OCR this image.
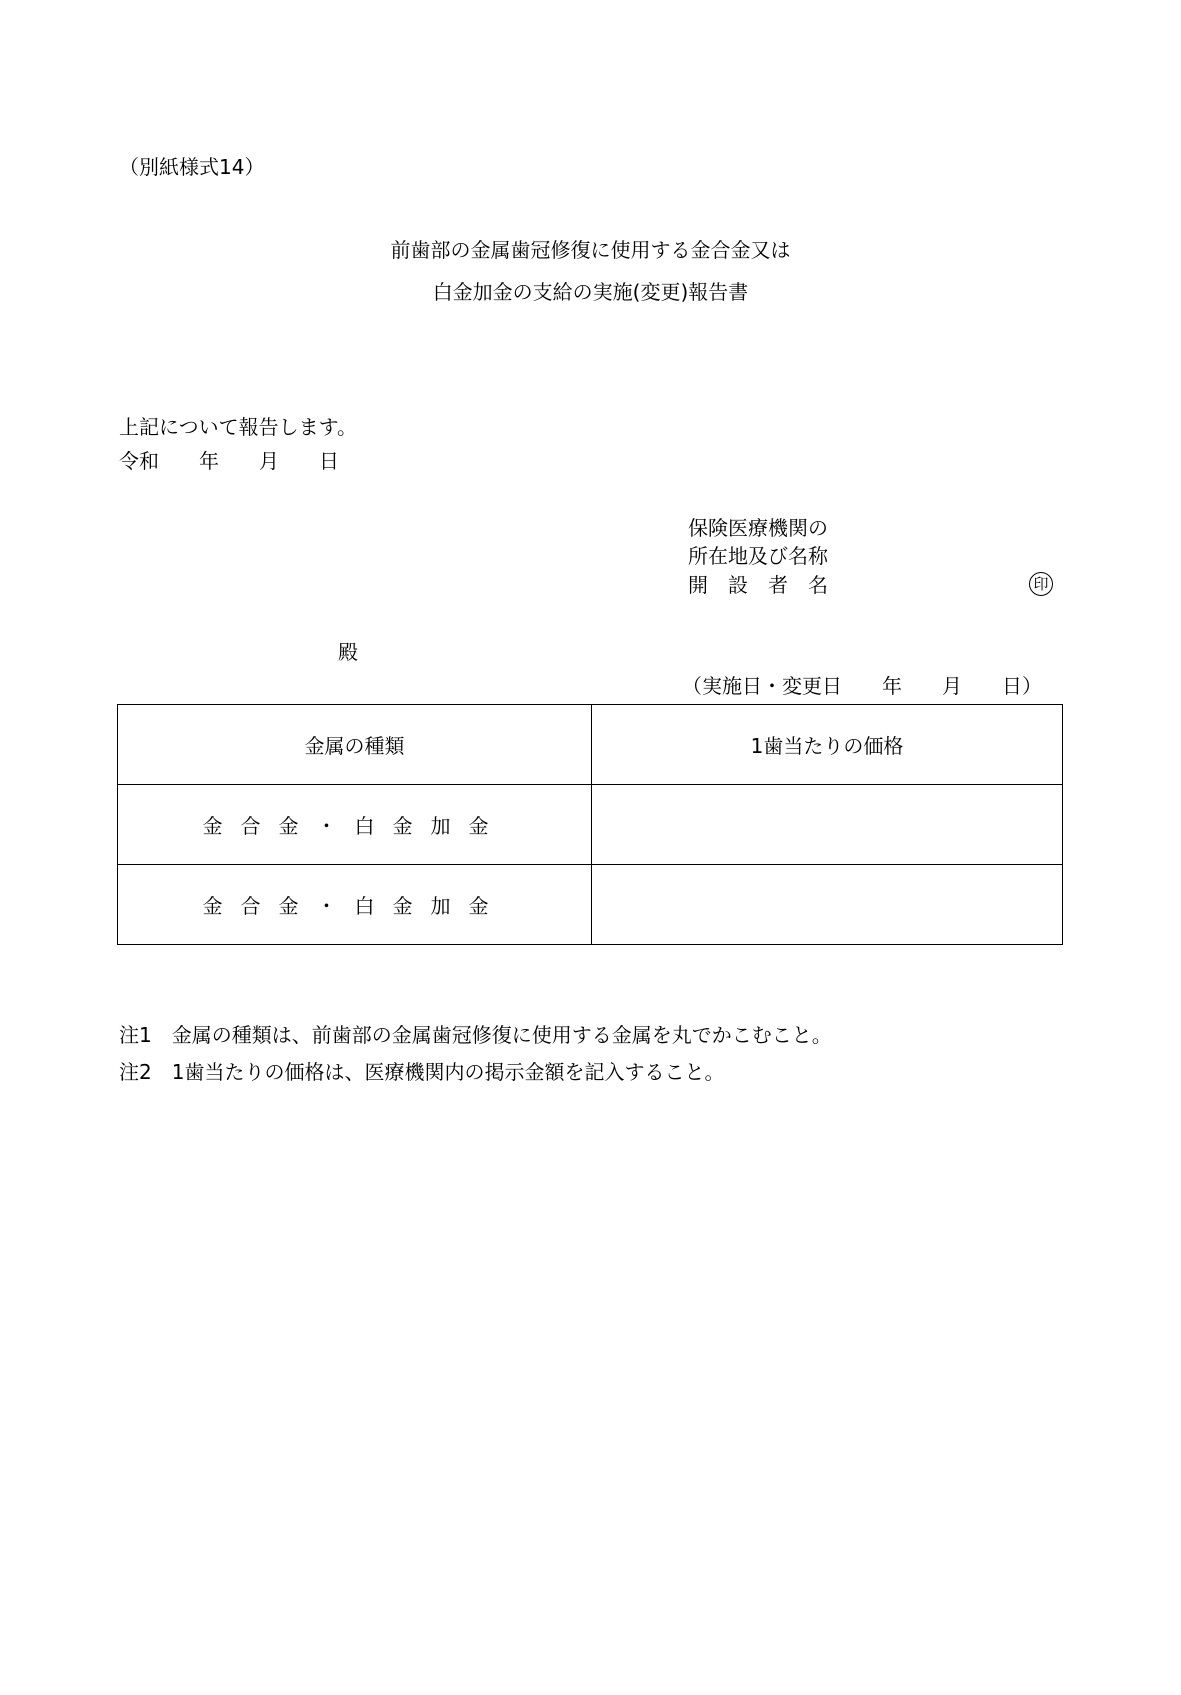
（別紙様式14）
前歯部の金属歯冠修復に使用する金合金又は
白金加金の支給の実施(変更)報告書
上記について報告します。
令和　　年　　月　　日
保険医療機関の
所在地及び名称
開　設　者　名	印
殿
（実施日・変更日　　年　　月　　日）
金属の種類	1歯当たりの価格
金合金・白金加金	
金合金・白金加金	
注1　金属の種類は、前歯部の金属歯冠修復に使用する金属を丸でかこむこと。
注2　1歯当たりの価格は、医療機関内の掲示金額を記入すること。
